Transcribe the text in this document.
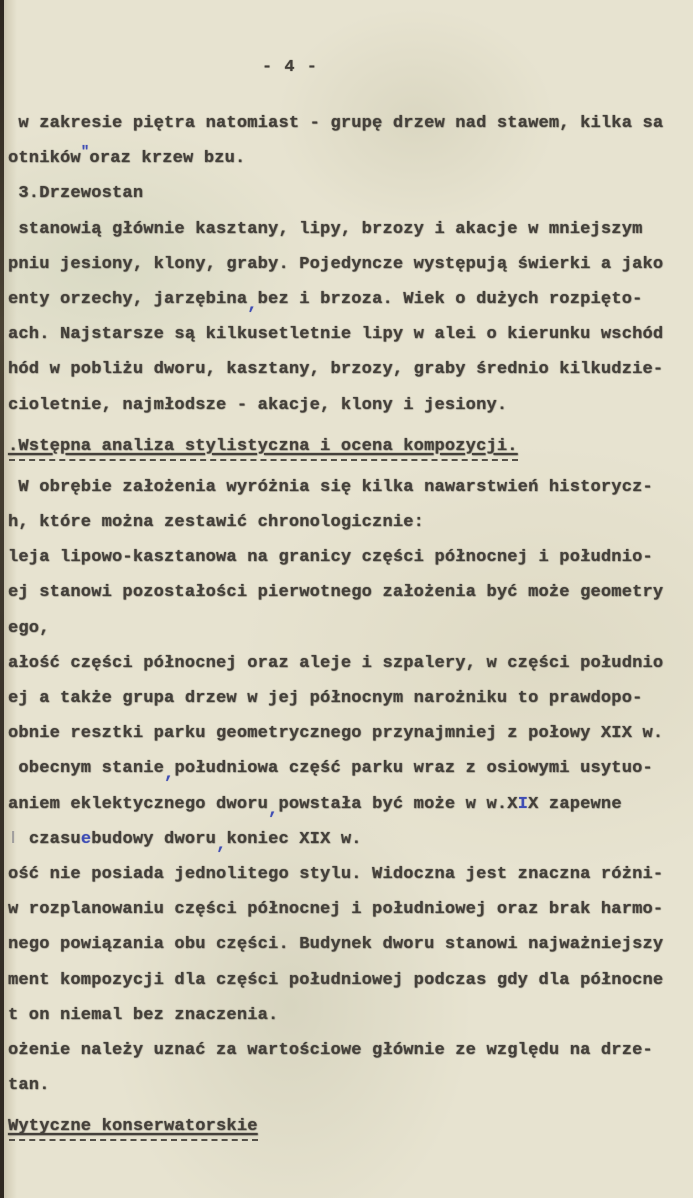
- 4 -
w zakresie piętra natomiast - grupę drzew nad stawem, kilka sa
otników″oraz krzew bzu.
3.Drzewostan
stanowią głównie kasztany, lipy, brzozy i akacje w mniejszym
pniu jesiony, klony, graby. Pojedyncze występują świerki a jako
enty orzechy, jarzębina,bez i brzoza. Wiek o dużych rozpięto-
ach. Najstarsze są kilkusetletnie lipy w alei o kierunku wschód
hód w pobliżu dworu, kasztany, brzozy, graby średnio kilkudzie-
cioletnie, najmłodsze - akacje, klony i jesiony.
.Wstępna analiza stylistyczna i ocena kompozycji.
W obrębie założenia wyróżnia się kilka nawarstwień historycz-
h, które można zestawić chronologicznie:
leja lipowo-kasztanowa na granicy części północnej i południo-
ej stanowi pozostałości pierwotnego założenia być może geometry
ego,
ałość części północnej oraz aleje i szpalery, w części południo
ej a także grupa drzew w jej północnym narożniku to prawdopo-
obnie resztki parku geometrycznego przynajmniej z połowy XIX w.
obecnym stanie,południowa część parku wraz z osiowymi usytuo-
aniem eklektycznego dworu,powstała być może w w.XIX zapewne
ǀ czasuebudowy dworu,koniec XIX w.
ość nie posiada jednolitego stylu. Widoczna jest znaczna różni-
w rozplanowaniu części północnej i południowej oraz brak harmo-
nego powiązania obu części. Budynek dworu stanowi najważniejszy
ment kompozycji dla części południowej podczas gdy dla północne
t on niemal bez znaczenia.
ożenie należy uznać za wartościowe głównie ze względu na drze-
tan.
Wytyczne konserwatorskie
